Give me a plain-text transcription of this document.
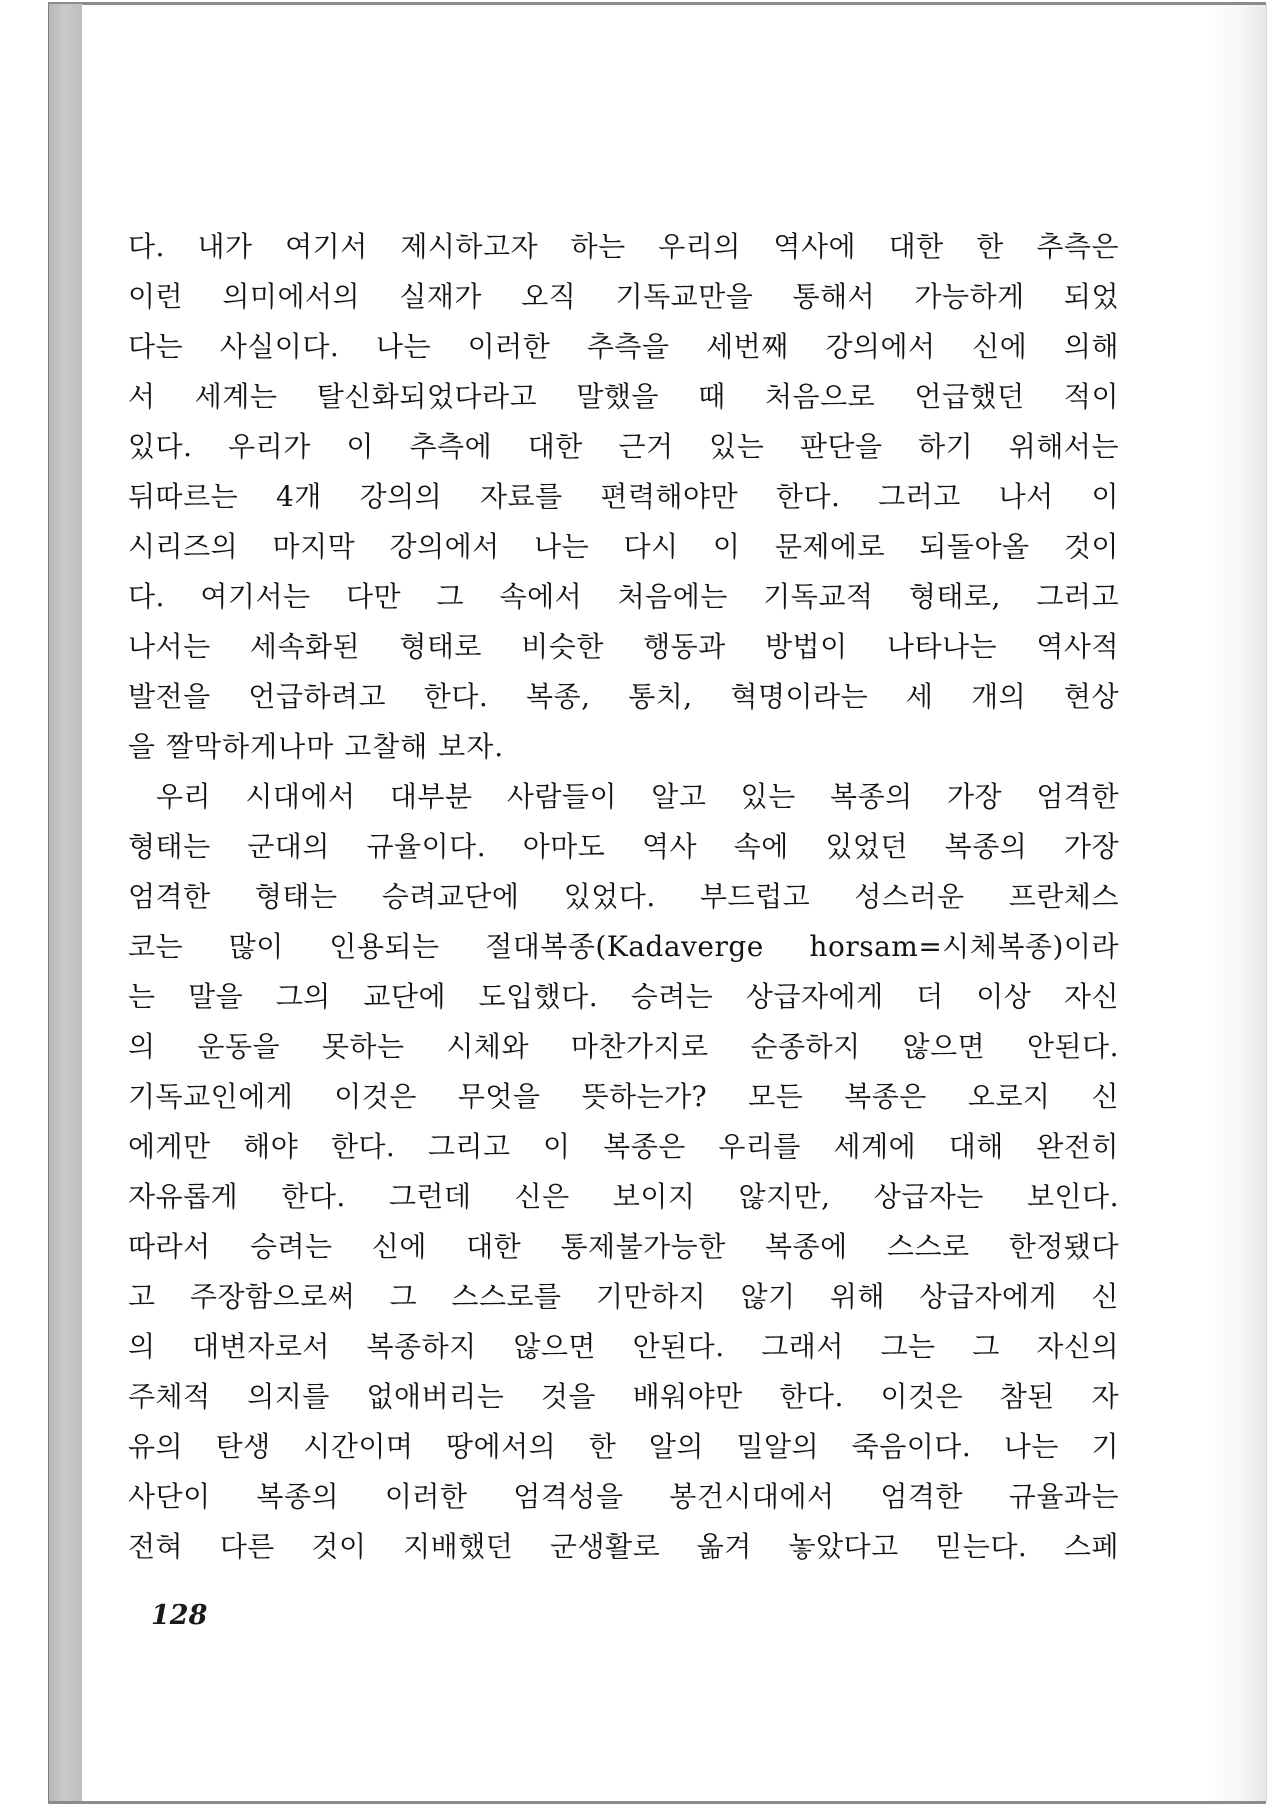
다. 내가 여기서 제시하고자 하는 우리의 역사에 대한 한 추측은
이런 의미에서의 실재가 오직 기독교만을 통해서 가능하게 되었
다는 사실이다. 나는 이러한 추측을 세번째 강의에서 신에 의해
서 세계는 탈신화되었다라고 말했을 때 처음으로 언급했던 적이
있다. 우리가 이 추측에 대한 근거 있는 판단을 하기 위해서는
뒤따르는 4개 강의의 자료를 편력해야만 한다. 그러고 나서 이
시리즈의 마지막 강의에서 나는 다시 이 문제에로 되돌아올 것이
다. 여기서는 다만 그 속에서 처음에는 기독교적 형태로, 그러고
나서는 세속화된 형태로 비슷한 행동과 방법이 나타나는 역사적
발전을 언급하려고 한다. 복종, 통치, 혁명이라는 세 개의 현상
을 짤막하게나마 고찰해 보자.
우리 시대에서 대부분 사람들이 알고 있는 복종의 가장 엄격한
형태는 군대의 규율이다. 아마도 역사 속에 있었던 복종의 가장
엄격한 형태는 승려교단에 있었다. 부드럽고 성스러운 프란체스
코는 많이 인용되는 절대복종(Kadaverge horsam=시체복종)이라
는 말을 그의 교단에 도입했다. 승려는 상급자에게 더 이상 자신
의 운동을 못하는 시체와 마찬가지로 순종하지 않으면 안된다.
기독교인에게 이것은 무엇을 뜻하는가? 모든 복종은 오로지 신
에게만 해야 한다. 그리고 이 복종은 우리를 세계에 대해 완전히
자유롭게 한다. 그런데 신은 보이지 않지만, 상급자는 보인다.
따라서 승려는 신에 대한 통제불가능한 복종에 스스로 한정됐다
고 주장함으로써 그 스스로를 기만하지 않기 위해 상급자에게 신
의 대변자로서 복종하지 않으면 안된다. 그래서 그는 그 자신의
주체적 의지를 없애버리는 것을 배워야만 한다. 이것은 참된 자
유의 탄생 시간이며 땅에서의 한 알의 밀알의 죽음이다. 나는 기
사단이 복종의 이러한 엄격성을 봉건시대에서 엄격한 규율과는
전혀 다른 것이 지배했던 군생활로 옮겨 놓았다고 믿는다. 스페
128
